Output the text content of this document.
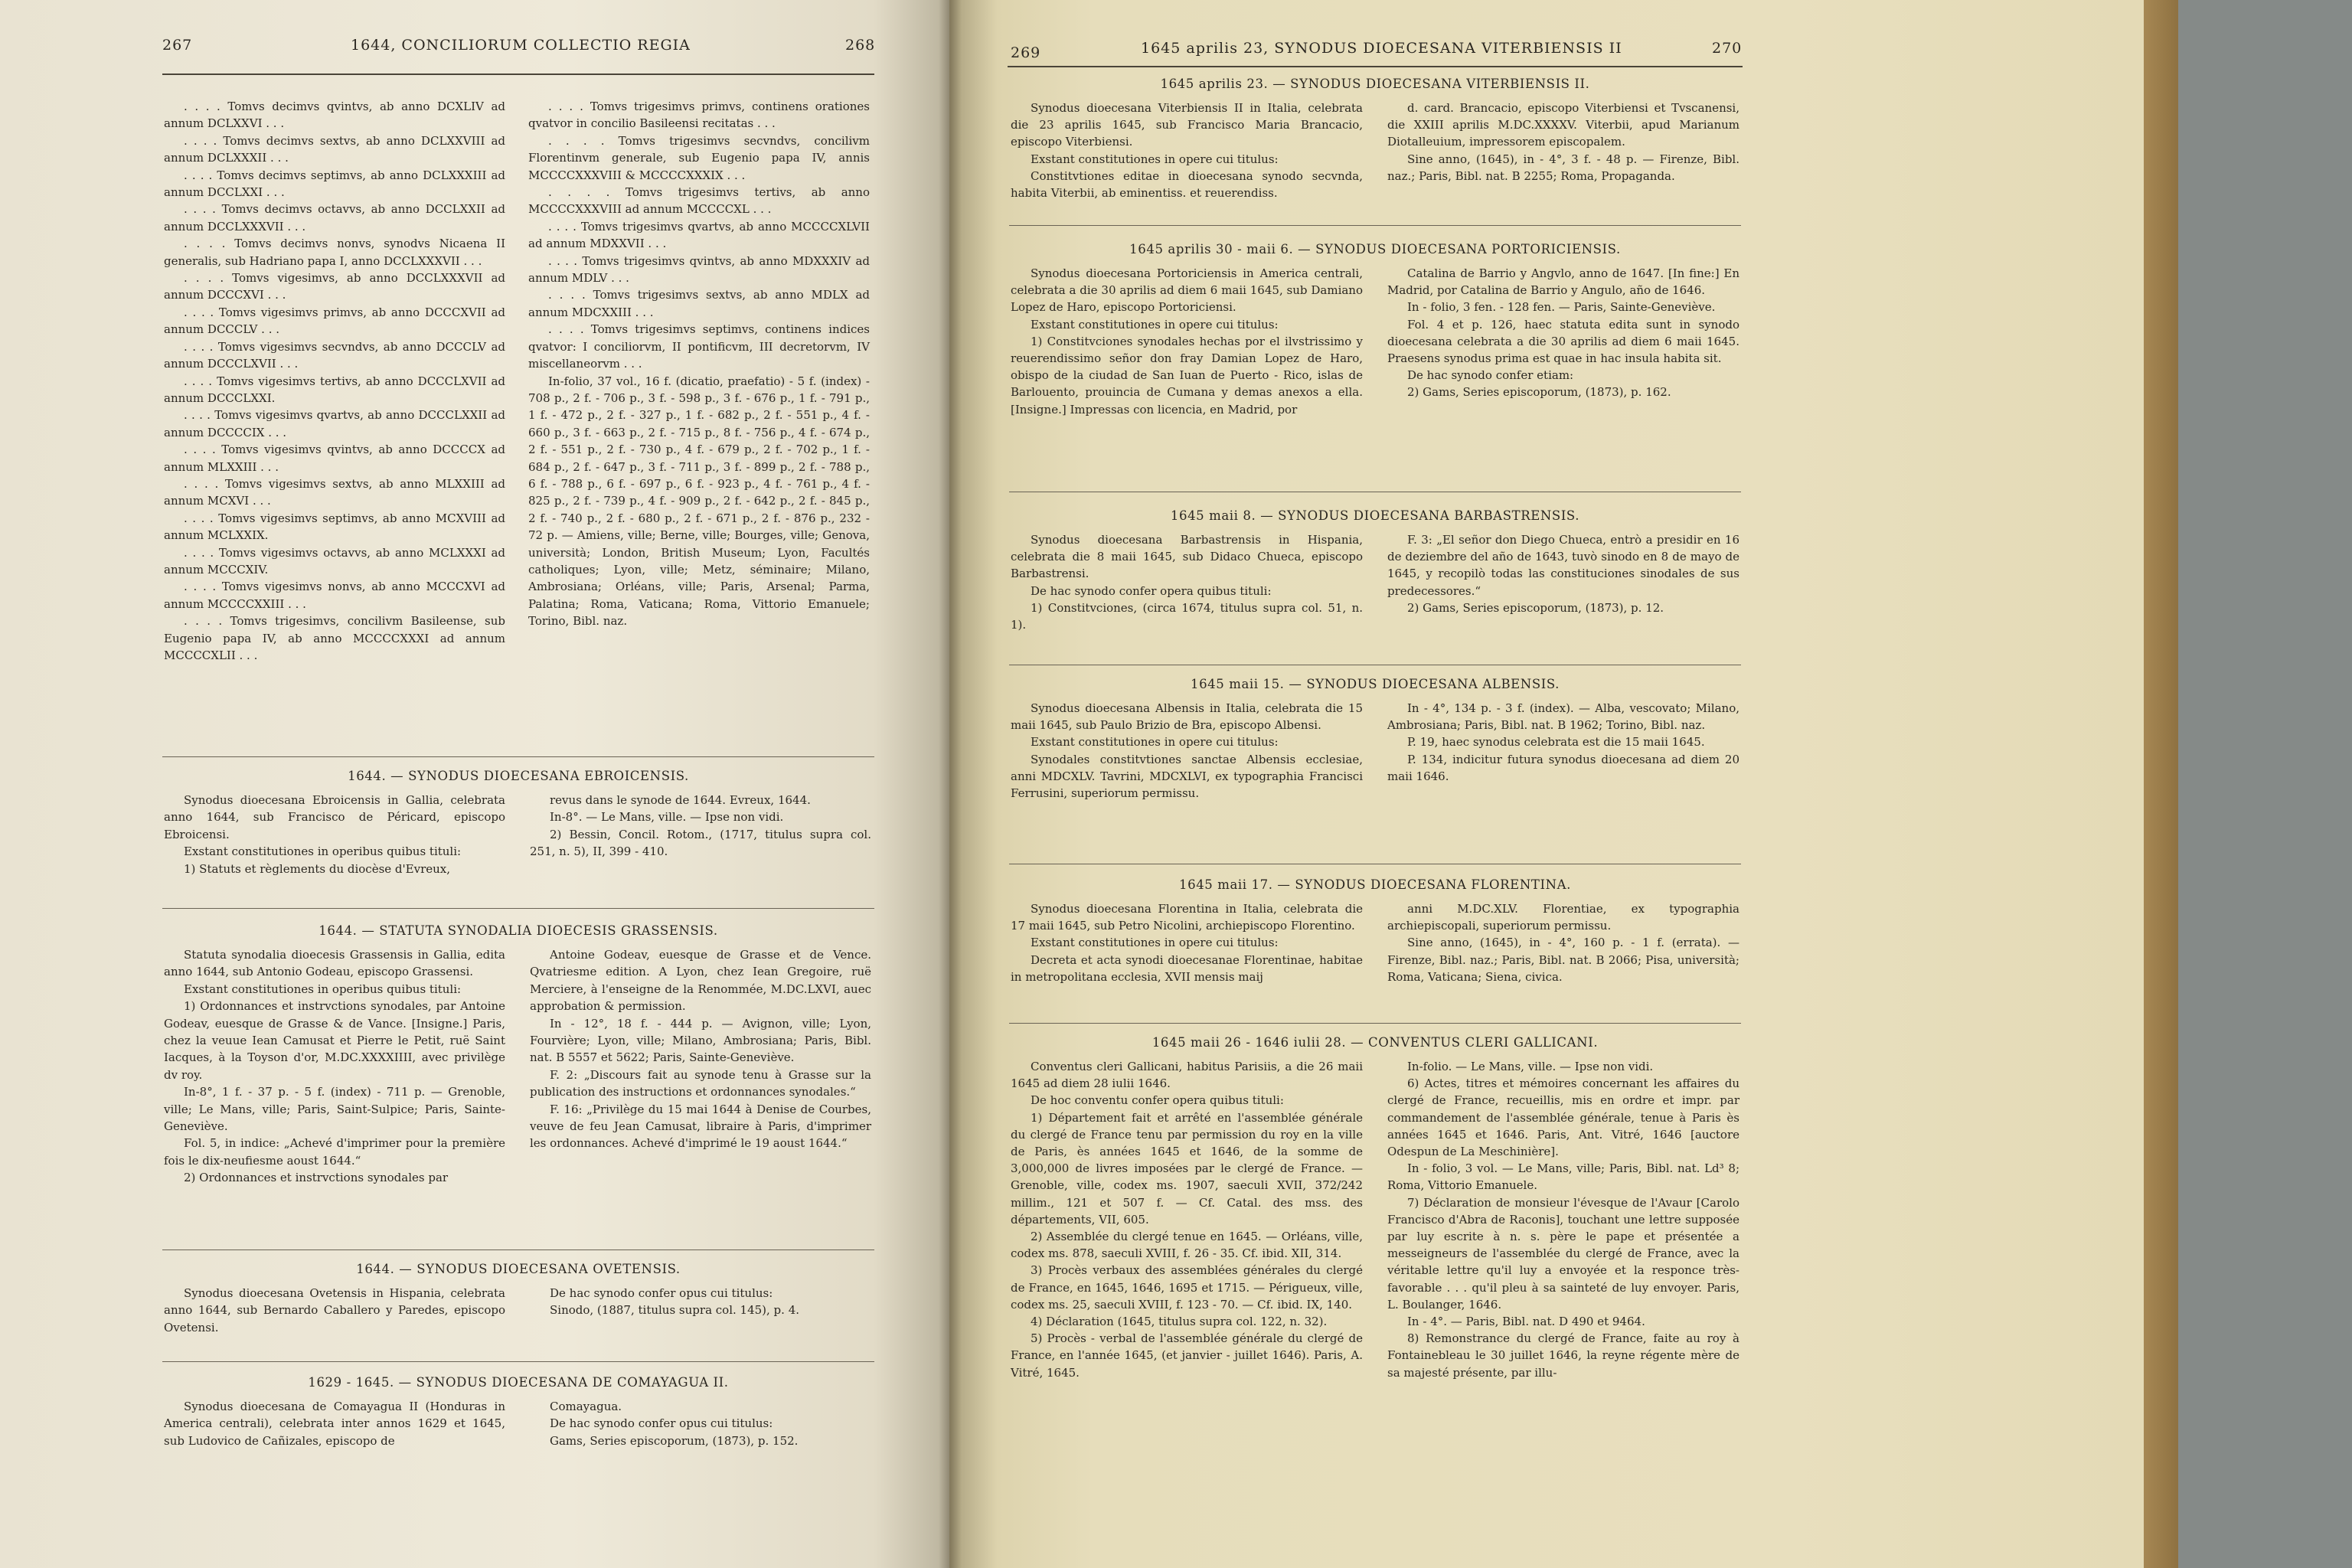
267	1644, CONCILIORUM COLLECTIO REGIA	268

. . . . Tomvs decimvs qvintvs, ab anno DCXLIV ad annum DCLXXVI . . .

. . . . Tomvs decimvs sextvs, ab anno DCLXXVIII ad annum DCLXXXII . . .

. . . . Tomvs decimvs septimvs, ab anno DCLXXXIII ad annum DCCLXXI . . .

. . . . Tomvs decimvs octavvs, ab anno DCCLXXII ad annum DCCLXXXVII . . .

. . . . Tomvs decimvs nonvs, synodvs Nicaena II generalis, sub Hadriano papa I, anno DCCLXXXVII . . .

. . . . Tomvs vigesimvs, ab anno DCCLXXXVII ad annum DCCCXVI . . .

. . . . Tomvs vigesimvs primvs, ab anno DCCCXVII ad annum DCCCLV . . .

. . . . Tomvs vigesimvs secvndvs, ab anno DCCCLV ad annum DCCCLXVII . . .

. . . . Tomvs vigesimvs tertivs, ab anno DCCCLXVII ad annum DCCCLXXI.

. . . . Tomvs vigesimvs qvartvs, ab anno DCCCLXXII ad annum DCCCCIX . . .

. . . . Tomvs vigesimvs qvintvs, ab anno DCCCCX ad annum MLXXIII . . .

. . . . Tomvs vigesimvs sextvs, ab anno MLXXIII ad annum MCXVI . . .

. . . . Tomvs vigesimvs septimvs, ab anno MCXVIII ad annum MCLXXIX.

. . . . Tomvs vigesimvs octavvs, ab anno MCLXXXI ad annum MCCCXIV.

. . . . Tomvs vigesimvs nonvs, ab anno MCCCXVI ad annum MCCCCXXIII . . .

. . . . Tomvs trigesimvs, concilivm Basileense, sub Eugenio papa IV, ab anno MCCCCXXXI ad annum MCCCCXLII . . .

. . . . Tomvs trigesimvs primvs, continens orationes qvatvor in concilio Basileensi recitatas . . .

. . . . Tomvs trigesimvs secvndvs, concilivm Florentinvm generale, sub Eugenio papa IV, annis MCCCCXXXVIII & MCCCCXXXIX . . .

. . . . Tomvs trigesimvs tertivs, ab anno MCCCCXXXVIII ad annum MCCCCXL . . .

. . . . Tomvs trigesimvs qvartvs, ab anno MCCCCXLVII ad annum MDXXVII . . .

. . . . Tomvs trigesimvs qvintvs, ab anno MDXXXIV ad annum MDLV . . .

. . . . Tomvs trigesimvs sextvs, ab anno MDLX ad annum MDCXXIII . . .

. . . . Tomvs trigesimvs septimvs, continens indices qvatvor: I conciliorvm, II pontificvm, III decretorvm, IV miscellaneorvm . . .

In-folio, 37 vol., 16 f. (dicatio, praefatio) - 5 f. (index) - 708 p., 2 f. - 706 p., 3 f. - 598 p., 3 f. - 676 p., 1 f. - 791 p., 1 f. - 472 p., 2 f. - 327 p., 1 f. - 682 p., 2 f. - 551 p., 4 f. - 660 p., 3 f. - 663 p., 2 f. - 715 p., 8 f. - 756 p., 4 f. - 674 p., 2 f. - 551 p., 2 f. - 730 p., 4 f. - 679 p., 2 f. - 702 p., 1 f. - 684 p., 2 f. - 647 p., 3 f. - 711 p., 3 f. - 899 p., 2 f. - 788 p., 6 f. - 788 p., 6 f. - 697 p., 6 f. - 923 p., 4 f. - 761 p., 4 f. - 825 p., 2 f. - 739 p., 4 f. - 909 p., 2 f. - 642 p., 2 f. - 845 p., 2 f. - 740 p., 2 f. - 680 p., 2 f. - 671 p., 2 f. - 876 p., 232 - 72 p. — Amiens, ville; Berne, ville; Bourges, ville; Genova, università; London, British Museum; Lyon, Facultés catholiques; Lyon, ville; Metz, séminaire; Milano, Ambrosiana; Orléans, ville; Paris, Arsenal; Parma, Palatina; Roma, Vaticana; Roma, Vittorio Emanuele; Torino, Bibl. naz.

1644. — SYNODUS DIOECESANA EBROICENSIS.

Synodus dioecesana Ebroicensis in Gallia, celebrata anno 1644, sub Francisco de Péricard, episcopo Ebroicensi.

Exstant constitutiones in operibus quibus tituli:

1) Statuts et règlements du diocèse d'Evreux,

revus dans le synode de 1644. Evreux, 1644.

In-8°. — Le Mans, ville. — Ipse non vidi.

2) Bessin, Concil. Rotom., (1717, titulus supra col. 251, n. 5), II, 399 - 410.

1644. — STATUTA SYNODALIA DIOECESIS GRASSENSIS.

Statuta synodalia dioecesis Grassensis in Gallia, edita anno 1644, sub Antonio Godeau, episcopo Grassensi.

Exstant constitutiones in operibus quibus tituli:

1) Ordonnances et instrvctions synodales, par Antoine Godeav, euesque de Grasse & de Vance. [Insigne.] Paris, chez la veuue Iean Camusat et Pierre le Petit, ruë Saint Iacques, à la Toyson d'or, M.DC.XXXXIIII, avec privilège dv roy.

In-8°, 1 f. - 37 p. - 5 f. (index) - 711 p. — Grenoble, ville; Le Mans, ville; Paris, Saint-Sulpice; Paris, Sainte-Geneviève.

Fol. 5, in indice: „Achevé d'imprimer pour la première fois le dix-neufiesme aoust 1644.“

2) Ordonnances et instrvctions synodales par

Antoine Godeav, euesque de Grasse et de Vence. Qvatriesme edition. A Lyon, chez Iean Gregoire, ruë Merciere, à l'enseigne de la Renommée, M.DC.LXVI, auec approbation & permission.

In - 12°, 18 f. - 444 p. — Avignon, ville; Lyon, Fourvière; Lyon, ville; Milano, Ambrosiana; Paris, Bibl. nat. B 5557 et 5622; Paris, Sainte-Geneviève.

F. 2: „Discours fait au synode tenu à Grasse sur la publication des instructions et ordonnances synodales.“

F. 16: „Privilège du 15 mai 1644 à Denise de Courbes, veuve de feu Jean Camusat, libraire à Paris, d'imprimer les ordonnances. Achevé d'imprimé le 19 aoust 1644.“

1644. — SYNODUS DIOECESANA OVETENSIS.

Synodus dioecesana Ovetensis in Hispania, celebrata anno 1644, sub Bernardo Caballero y Paredes, episcopo Ovetensi.

De hac synodo confer opus cui titulus:

Sinodo, (1887, titulus supra col. 145), p. 4.

1629 - 1645. — SYNODUS DIOECESANA DE COMAYAGUA II.

Synodus dioecesana de Comayagua II (Honduras in America centrali), celebrata inter annos 1629 et 1645, sub Ludovico de Cañizales, episcopo de

Comayagua.

De hac synodo confer opus cui titulus:

Gams, Series episcoporum, (1873), p. 152.

269	1645 aprilis 23, SYNODUS DIOECESANA VITERBIENSIS II	270
1645 aprilis 23. — SYNODUS DIOECESANA VITERBIENSIS II.

Synodus dioecesana Viterbiensis II in Italia, celebrata die 23 aprilis 1645, sub Francisco Maria Brancacio, episcopo Viterbiensi.

Exstant constitutiones in opere cui titulus:

Constitvtiones editae in dioecesana synodo secvnda, habita Viterbii, ab eminentiss. et reuerendiss.

d. card. Brancacio, episcopo Viterbiensi et Tvscanensi, die XXIII aprilis M.DC.XXXXV. Viterbii, apud Marianum Diotalleuium, impressorem episcopalem.

Sine anno, (1645), in - 4°, 3 f. - 48 p. — Firenze, Bibl. naz.; Paris, Bibl. nat. B 2255; Roma, Propaganda.

1645 aprilis 30 - maii 6. — SYNODUS DIOECESANA PORTORICIENSIS.

Synodus dioecesana Portoriciensis in America centrali, celebrata a die 30 aprilis ad diem 6 maii 1645, sub Damiano Lopez de Haro, episcopo Portoriciensi.

Exstant constitutiones in opere cui titulus:

1) Constitvciones synodales hechas por el ilvstrissimo y reuerendissimo señor don fray Damian Lopez de Haro, obispo de la ciudad de San Iuan de Puerto - Rico, islas de Barlouento, prouincia de Cumana y demas anexos a ella. [Insigne.] Impressas con licencia, en Madrid, por

Catalina de Barrio y Angvlo, anno de 1647. [In fine:] En Madrid, por Catalina de Barrio y Angulo, año de 1646.

In - folio, 3 fen. - 128 fen. — Paris, Sainte-Geneviève.

Fol. 4 et p. 126, haec statuta edita sunt in synodo dioecesana celebrata a die 30 aprilis ad diem 6 maii 1645. Praesens synodus prima est quae in hac insula habita sit.

De hac synodo confer etiam:

2) Gams, Series episcoporum, (1873), p. 162.

1645 maii 8. — SYNODUS DIOECESANA BARBASTRENSIS.

Synodus dioecesana Barbastrensis in Hispania, celebrata die 8 maii 1645, sub Didaco Chueca, episcopo Barbastrensi.

De hac synodo confer opera quibus tituli:

1) Constitvciones, (circa 1674, titulus supra col. 51, n. 1).

F. 3: „El señor don Diego Chueca, entrò a presidir en 16 de deziembre del año de 1643, tuvò sinodo en 8 de mayo de 1645, y recopilò todas las constituciones sinodales de sus predecessores.“

2) Gams, Series episcoporum, (1873), p. 12.

1645 maii 15. — SYNODUS DIOECESANA ALBENSIS.

Synodus dioecesana Albensis in Italia, celebrata die 15 maii 1645, sub Paulo Brizio de Bra, episcopo Albensi.

Exstant constitutiones in opere cui titulus:

Synodales constitvtiones sanctae Albensis ecclesiae, anni MDCXLV. Tavrini, MDCXLVI, ex typographia Francisci Ferrusini, superiorum permissu.

In - 4°, 134 p. - 3 f. (index). — Alba, vescovato; Milano, Ambrosiana; Paris, Bibl. nat. B 1962; Torino, Bibl. naz.

P. 19, haec synodus celebrata est die 15 maii 1645.

P. 134, indicitur futura synodus dioecesana ad diem 20 maii 1646.

1645 maii 17. — SYNODUS DIOECESANA FLORENTINA.

Synodus dioecesana Florentina in Italia, celebrata die 17 maii 1645, sub Petro Nicolini, archiepiscopo Florentino.

Exstant constitutiones in opere cui titulus:

Decreta et acta synodi dioecesanae Florentinae, habitae in metropolitana ecclesia, XVII mensis maij

anni M.DC.XLV. Florentiae, ex typographia archiepiscopali, superiorum permissu.

Sine anno, (1645), in - 4°, 160 p. - 1 f. (errata). — Firenze, Bibl. naz.; Paris, Bibl. nat. B 2066; Pisa, università; Roma, Vaticana; Siena, civica.

1645 maii 26 - 1646 iulii 28. — CONVENTUS CLERI GALLICANI.

Conventus cleri Gallicani, habitus Parisiis, a die 26 maii 1645 ad diem 28 iulii 1646.

De hoc conventu confer opera quibus tituli:

1) Département fait et arrêté en l'assemblée générale du clergé de France tenu par permission du roy en la ville de Paris, ès années 1645 et 1646, de la somme de 3,000,000 de livres imposées par le clergé de France. — Grenoble, ville, codex ms. 1907, saeculi XVII, 372/242 millim., 121 et 507 f. — Cf. Catal. des mss. des départements, VII, 605.

2) Assemblée du clergé tenue en 1645. — Orléans, ville, codex ms. 878, saeculi XVIII, f. 26 - 35. Cf. ibid. XII, 314.

3) Procès verbaux des assemblées générales du clergé de France, en 1645, 1646, 1695 et 1715. — Périgueux, ville, codex ms. 25, saeculi XVIII, f. 123 - 70. — Cf. ibid. IX, 140.

4) Déclaration (1645, titulus supra col. 122, n. 32).

5) Procès - verbal de l'assemblée générale du clergé de France, en l'année 1645, (et janvier - juillet 1646). Paris, A. Vitré, 1645.

In-folio. — Le Mans, ville. — Ipse non vidi.

6) Actes, titres et mémoires concernant les affaires du clergé de France, recueillis, mis en ordre et impr. par commandement de l'assemblée générale, tenue à Paris ès années 1645 et 1646. Paris, Ant. Vitré, 1646 [auctore Odespun de La Meschinière].

In - folio, 3 vol. — Le Mans, ville; Paris, Bibl. nat. Ld³ 8; Roma, Vittorio Emanuele.

7) Déclaration de monsieur l'évesque de l'Avaur [Carolo Francisco d'Abra de Raconis], touchant une lettre supposée par luy escrite à n. s. père le pape et présentée a messeigneurs de l'assemblée du clergé de France, avec la véritable lettre qu'il luy a envoyée et la responce très-favorable . . . qu'il pleu à sa sainteté de luy envoyer. Paris, L. Boulanger, 1646.

In - 4°. — Paris, Bibl. nat. D 490 et 9464.

8) Remonstrance du clergé de France, faite au roy à Fontainebleau le 30 juillet 1646, la reyne régente mère de sa majesté présente, par illu-
